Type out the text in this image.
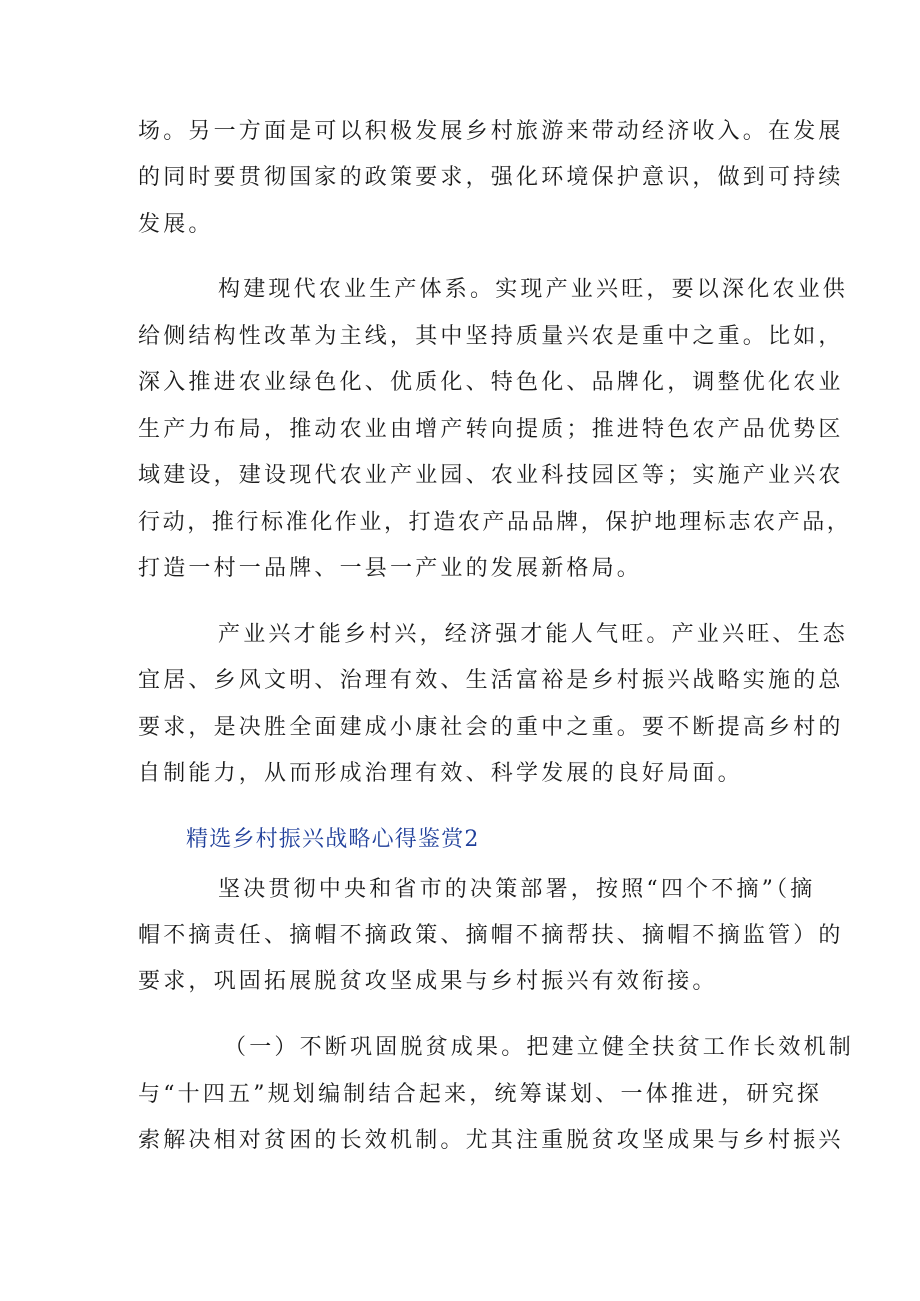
场。另一方面是可以积极发展乡村旅游来带动经济收入。在发展
的同时要贯彻国家的政策要求，强化环境保护意识，做到可持续
发展。
构建现代农业生产体系。实现产业兴旺，要以深化农业供
给侧结构性改革为主线，其中坚持质量兴农是重中之重。比如，
深入推进农业绿色化、优质化、特色化、品牌化，调整优化农业
生产力布局，推动农业由增产转向提质；推进特色农产品优势区
域建设，建设现代农业产业园、农业科技园区等；实施产业兴农
行动，推行标准化作业，打造农产品品牌，保护地理标志农产品，
打造一村一品牌、一县一产业的发展新格局。
产业兴才能乡村兴，经济强才能人气旺。产业兴旺、生态
宜居、乡风文明、治理有效、生活富裕是乡村振兴战略实施的总
要求，是决胜全面建成小康社会的重中之重。要不断提高乡村的
自制能力，从而形成治理有效、科学发展的良好局面。
精选乡村振兴战略心得鉴赏2
坚决贯彻中央和省市的决策部署，按照“四个不摘”（摘
帽不摘责任、摘帽不摘政策、摘帽不摘帮扶、摘帽不摘监管）的
要求，巩固拓展脱贫攻坚成果与乡村振兴有效衔接。
（一）不断巩固脱贫成果。把建立健全扶贫工作长效机制
与“十四五”规划编制结合起来，统筹谋划、一体推进，研究探
索解决相对贫困的长效机制。尤其注重脱贫攻坚成果与乡村振兴
